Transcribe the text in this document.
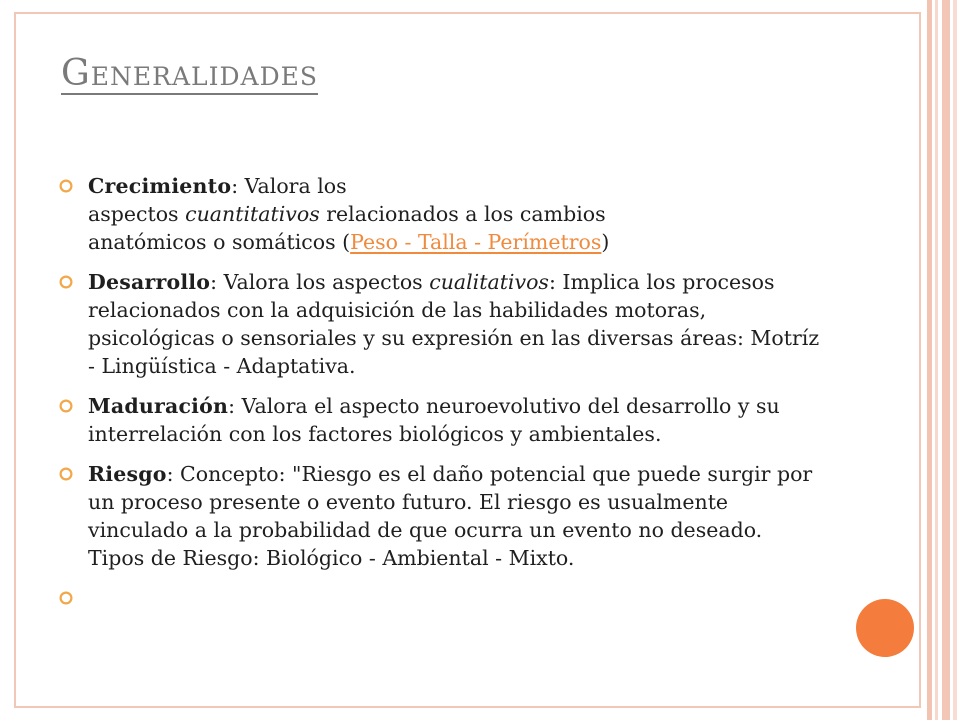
Generalidades
Crecimiento: Valora los
aspectos cuantitativos relacionados a los cambios
anatómicos o somáticos (Peso - Talla - Perímetros)
Desarrollo: Valora los aspectos cualitativos: Implica los procesos relacionados con la adquisición de las habilidades motoras, psicológicas o sensoriales y su expresión en las diversas áreas: Motríz - Lingüística - Adaptativa.
Maduración: Valora el aspecto neuroevolutivo del desarrollo y su interrelación con los factores biológicos y ambientales.
Riesgo: Concepto: "Riesgo es el daño potencial que puede surgir por un proceso presente o evento futuro. El riesgo es usualmente vinculado a la probabilidad de que ocurra un evento no deseado. Tipos de Riesgo: Biológico - Ambiental - Mixto.
